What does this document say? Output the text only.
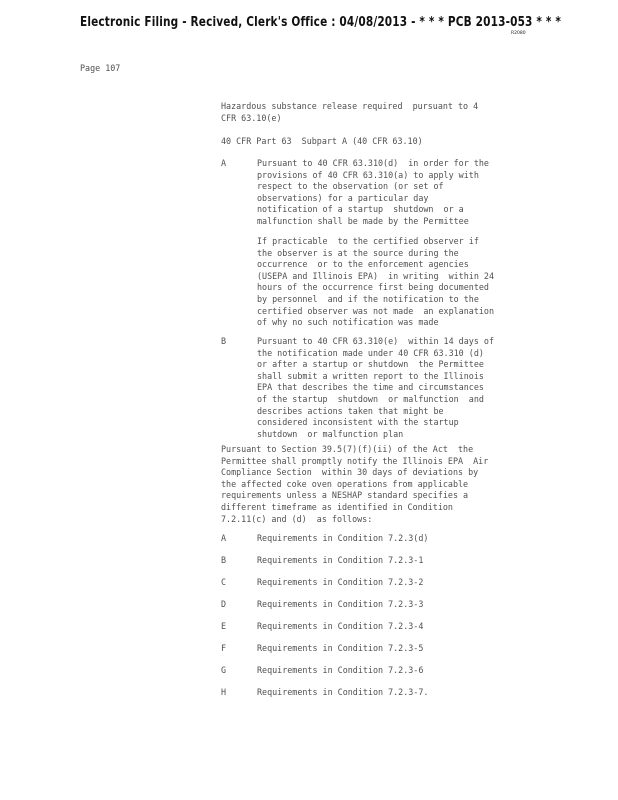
Electronic Filing - Recived, Clerk's Office : 04/08/2013 - * * * PCB 2013-053 * * *
R2080
Page 107
Hazardous substance release required  pursuant to 4
CFR 63.10(e)
40 CFR Part 63  Subpart A (40 CFR 63.10)
A	Pursuant to 40 CFR 63.310(d)  in order for the
provisions of 40 CFR 63.310(a) to apply with
respect to the observation (or set of
observations) for a particular day
notification of a startup  shutdown  or a
malfunction shall be made by the Permittee
If practicable  to the certified observer if
the observer is at the source during the
occurrence  or to the enforcement agencies
(USEPA and Illinois EPA)  in writing  within 24
hours of the occurrence first being documented
by personnel  and if the notification to the
certified observer was not made  an explanation
of why no such notification was made
B	Pursuant to 40 CFR 63.310(e)  within 14 days of
the notification made under 40 CFR 63.310 (d)
or after a startup or shutdown  the Permittee
shall submit a written report to the Illinois
EPA that describes the time and circumstances
of the startup  shutdown  or malfunction  and
describes actions taken that might be
considered inconsistent with the startup
shutdown  or malfunction plan
Pursuant to Section 39.5(7)(f)(ii) of the Act  the
Permittee shall promptly notify the Illinois EPA  Air
Compliance Section  within 30 days of deviations by
the affected coke oven operations from applicable
requirements unless a NESHAP standard specifies a
different timeframe as identified in Condition
7.2.11(c) and (d)  as follows:
A	Requirements in Condition 7.2.3(d)
B	Requirements in Condition 7.2.3-1
C	Requirements in Condition 7.2.3-2
D	Requirements in Condition 7.2.3-3
E	Requirements in Condition 7.2.3-4
F	Requirements in Condition 7.2.3-5
G	Requirements in Condition 7.2.3-6
H	Requirements in Condition 7.2.3-7.
